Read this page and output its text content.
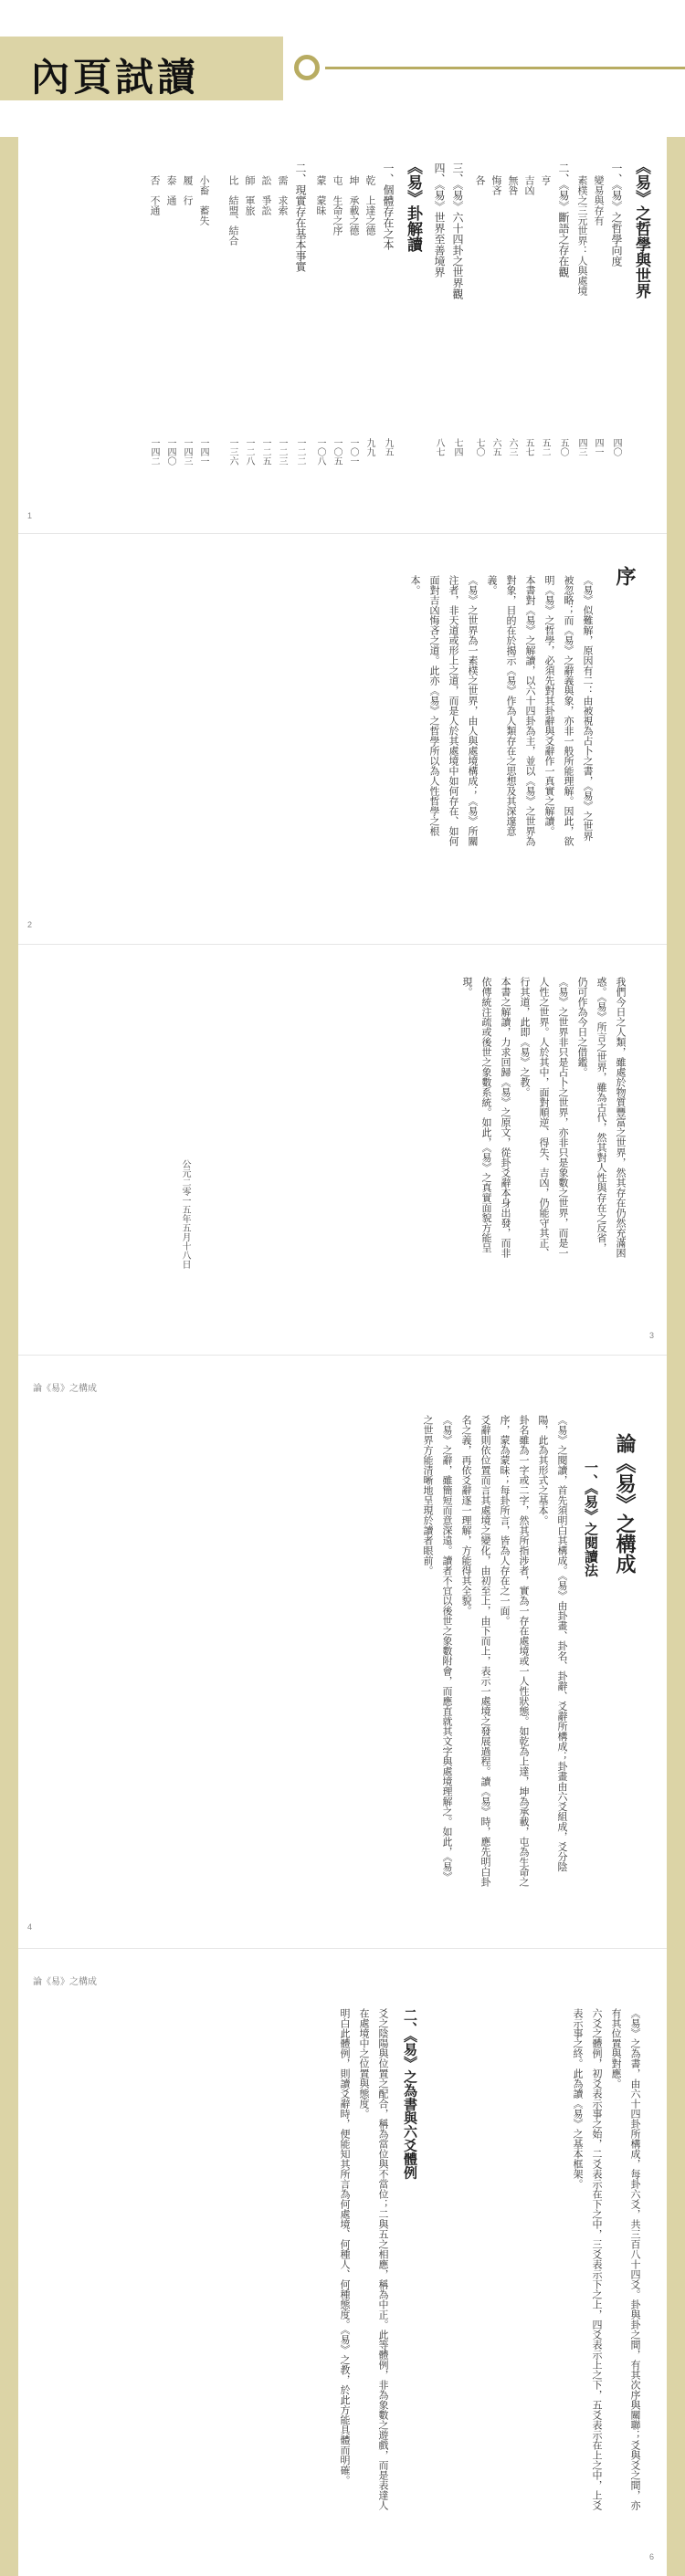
內頁試讀
《易》之哲學與世界
一、《易》之哲學向度
變易與存有
素樸之三元世界：人與處境
二、《易》斷語之存在觀
亨
吉凶
無咎
悔吝
各
三、《易》六十四卦之世界觀
四、《易》世界至善境界
四〇
四一
四三
五〇
五二
五七
六三
六五
七〇
七四
八七
《易》卦解讀
一、個體存在之本
乾　上達之德
坤　承載之德
屯　生命之序
蒙　蒙昧
二、現實存在基本事實
需　求索
訟　爭訟
師　軍旅
比　結盟、結合
九五
九九
一〇一
一〇五
一〇八
一二二
一二三
一二五
一二八
一三六
小畜　蓄失
履　行
泰　通
否　不通
一四一
一四三
一四〇
一四二
1
序

《易》似難解，原因有二：由被視為占卜之書，《易》之世界被忽略；而《易》之辭義與象，亦非一般所能理解。因此，欲明《易》之哲學，必須先對其卦辭與爻辭作一真實之解讀。

本書對《易》之解讀，以六十四卦為主，並以《易》之世界為對象，目的在於揭示《易》作為人類存在之思想及其深邃意義。

《易》之世界為一素樸之世界，由人與處境構成；《易》所關注者，非天道或形上之道，而是人於其處境中如何存在、如何面對吉凶悔吝之道。此亦《易》之哲學所以為人性哲學之根本。

2

我們今日之人類，雖處於物質豐富之世界，然其存在仍然充滿困惑。《易》所言之世界，雖為古代，然其對人性與存在之反省，仍可作為今日之借鑑。

《易》之世界非只是占卜之世界，亦非只是象數之世界，而是一人性之世界。人於其中，面對順逆、得失、吉凶，仍能守其正、行其道，此即《易》之教。

本書之解讀，力求回歸《易》之原文，從卦爻辭本身出發，而非依傳統注疏或後世之象數系統。如此，《易》之真實面貌方能呈現。

公元二零一五年五月十八日
3
論《易》之構成
論《易》之構成
一、《易》之閱讀法

《易》之閱讀，首先須明白其構成。《易》由卦畫、卦名、卦辭、爻辭所構成；卦畫由六爻組成，爻分陰陽，此為其形式之基本。

卦名雖為一字或二字，然其所指涉者，實為一存在處境或一人性狀態。如乾為上達，坤為承載，屯為生命之序，蒙為蒙昧；每卦所言，皆為人存在之一面。

爻辭則依位置而言其處境之變化，由初至上，由下而上，表示一處境之發展過程。讀《易》時，應先明白卦名之義，再依爻辭逐一理解，方能得其全貌。

《易》之辭，雖簡短而意深遠。讀者不宜以後世之象數附會，而應直就其文字與處境理解之。如此，《易》之世界方能清晰地呈現於讀者眼前。

4
論《易》之構成
二、《易》之為書與六爻體例	《易》之為書，由六十四卦所構成，每卦六爻，共三百八十四爻。卦與卦之間，有其次序與關聯；爻與爻之間，亦有其位置與對應。

六爻之體例，初爻表示事之始，二爻表示在下之中，三爻表示下之上，四爻表示上之下，五爻表示在上之中，上爻表示事之終。此為讀《易》之基本框架。

爻之陰陽與位置之配合，稱為當位與不當位；二與五之相應，稱為中正。此等體例，非為象數之遊戲，而是表達人在處境中之位置與態度。

明白此體例，則讀爻辭時，便能知其所言為何處境、何種人、何種態度。《易》之教，於此方能具體而明確。

6
